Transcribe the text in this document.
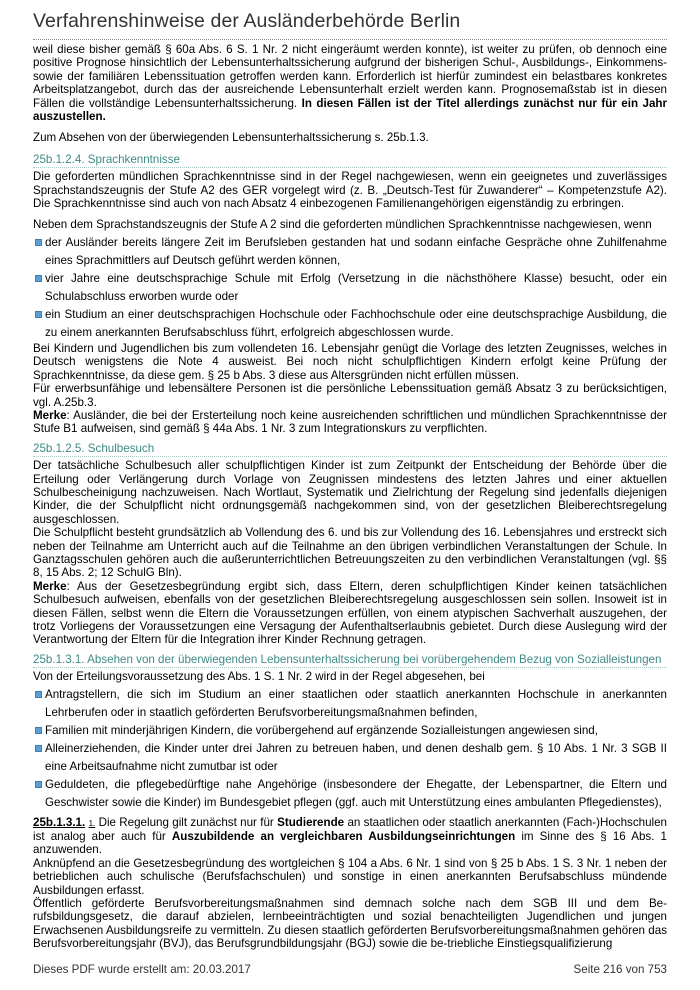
Verfahrenshinweise der Ausländerbehörde Berlin

weil diese bisher gemäß § 60a Abs. 6 S. 1 Nr. 2 nicht eingeräumt werden konnte), ist weiter zu prüfen, ob dennoch eine positive Prognose hinsichtlich der Lebensunterhaltssicherung aufgrund der bisherigen Schul-, Ausbildungs-, Einkommens-sowie der familiären Lebenssituation getroffen werden kann. Erforderlich ist hierfür zumindest ein belastbares konkretes Arbeitsplatzangebot, durch das der ausreichende Lebensunterhalt erzielt werden kann. Prognosemaßstab ist in diesen Fällen die vollständige Lebensunterhaltssicherung. In diesen Fällen ist der Titel allerdings zunächst nur für ein Jahr auszustellen.

Zum Absehen von der überwiegenden Lebensunterhaltssicherung s. 25b.1.3.

25b.1.2.4. Sprachkenntnisse

Die geforderten mündlichen Sprachkenntnisse sind in der Regel nachgewiesen, wenn ein geeignetes und zuverlässiges Sprachstandszeugnis der Stufe A2 des GER vorgelegt wird (z. B. „Deutsch-Test für Zuwanderer“ – Kompetenzstufe A2). Die Sprachkenntnisse sind auch von nach Absatz 4 einbezogenen Familienangehörigen eigenständig zu erbringen.

Neben dem Sprachstandszeugnis der Stufe A 2 sind die geforderten mündlichen Sprachkenntnisse nachgewiesen, wenn

der Ausländer bereits längere Zeit im Berufsleben gestanden hat und sodann einfache Gespräche ohne Zuhilfenahme eines Sprachmittlers auf Deutsch geführt werden können,
vier Jahre eine deutschsprachige Schule mit Erfolg (Versetzung in die nächsthöhere Klasse) besucht, oder ein Schulabschluss erworben wurde oder
ein Studium an einer deutschsprachigen Hochschule oder Fachhochschule oder eine deutschsprachige Ausbildung, die zu einem anerkannten Berufsabschluss führt, erfolgreich abgeschlossen wurde.

Bei Kindern und Jugendlichen bis zum vollendeten 16. Lebensjahr genügt die Vorlage des letzten Zeugnisses, welches in Deutsch wenigstens die Note 4 ausweist. Bei noch nicht schulpflichtigen Kindern erfolgt keine Prüfung der Sprachkenntnisse, da diese gem. § 25 b Abs. 3 diese aus Altersgründen nicht erfüllen müssen.

Für erwerbsunfähige und lebensältere Personen ist die persönliche Lebenssituation gemäß Absatz 3 zu berücksichtigen, vgl. A.25b.3.

Merke: Ausländer, die bei der Ersterteilung noch keine ausreichenden schriftlichen und mündlichen Sprachkenntnisse der Stufe B1 aufweisen, sind gemäß § 44a Abs. 1 Nr. 3 zum Integrationskurs zu verpflichten.

25b.1.2.5. Schulbesuch

Der tatsächliche Schulbesuch aller schulpflichtigen Kinder ist zum Zeitpunkt der Entscheidung der Behörde über die Erteilung oder Verlängerung durch Vorlage von Zeugnissen mindestens des letzten Jahres und einer aktuellen Schulbescheinigung nachzuweisen. Nach Wortlaut, Systematik und Zielrichtung der Regelung sind jedenfalls diejenigen Kinder, die der Schulpflicht nicht ordnungsgemäß nachgekommen sind, von der gesetzlichen Bleiberechtsregelung ausgeschlossen.

Die Schulpflicht besteht grundsätzlich ab Vollendung des 6. und bis zur Vollendung des 16. Lebensjahres und erstreckt sich neben der Teilnahme am Unterricht auch auf die Teilnahme an den übrigen verbindlichen Veranstaltungen der Schule. In Ganztagsschulen gehören auch die außerunterrichtlichen Betreuungszeiten zu den verbindlichen Veranstaltungen (vgl. §§ 8, 15 Abs. 2; 12 SchulG Bln).

Merke: Aus der Gesetzesbegründung ergibt sich, dass Eltern, deren schulpflichtigen Kinder keinen tatsächlichen Schulbesuch aufweisen, ebenfalls von der gesetzlichen Bleiberechtsregelung ausgeschlossen sein sollen. Insoweit ist in diesen Fällen, selbst wenn die Eltern die Voraussetzungen erfüllen, von einem atypischen Sachverhalt auszugehen, der trotz Vorliegens der Voraussetzungen eine Versagung der Aufenthaltserlaubnis gebietet. Durch diese Auslegung wird der Verantwortung der Eltern für die Integration ihrer Kinder Rechnung getragen.

25b.1.3.1. Absehen von der überwiegenden Lebensunterhaltssicherung bei vorübergehendem Bezug von Sozialleistungen

Von der Erteilungsvoraussetzung des Abs. 1 S. 1 Nr. 2 wird in der Regel abgesehen, bei

Antragstellern, die sich im Studium an einer staatlichen oder staatlich anerkannten Hochschule in anerkannten Lehrberufen oder in staatlich geförderten Berufsvorbereitungsmaßnahmen befinden,
Familien mit minderjährigen Kindern, die vorübergehend auf ergänzende Sozialleistungen angewiesen sind,
Alleinerziehenden, die Kinder unter drei Jahren zu betreuen haben, und denen deshalb gem. § 10 Abs. 1 Nr. 3 SGB II eine Arbeitsaufnahme nicht zumutbar ist oder
Geduldeten, die pflegebedürftige nahe Angehörige (insbesondere der Ehegatte, der Lebenspartner, die Eltern und Geschwister sowie die Kinder) im Bundesgebiet pflegen (ggf. auch mit Unterstützung eines ambulanten Pflegedienstes),

25b.1.3.1. 1. Die Regelung gilt zunächst nur für Studierende an staatlichen oder staatlich anerkannten (Fach-)Hochschulen ist analog aber auch für Auszubildende an vergleichbaren Ausbildungseinrichtungen im Sinne des § 16 Abs. 1 anzuwenden.

Anknüpfend an die Gesetzesbegründung des wortgleichen § 104 a Abs. 6 Nr. 1 sind von § 25 b Abs. 1 S. 3 Nr. 1 neben der betrieblichen auch schulische (Berufsfachschulen) und sonstige in einen anerkannten Berufsabschluss mündende Ausbildungen erfasst.

Öffentlich geförderte Berufsvorbereitungsmaßnahmen sind demnach solche nach dem SGB III und dem Be-rufsbildungsgesetz, die darauf abzielen, lernbeeinträchtigten und sozial benachteiligten Jugendlichen und jungen Erwachsenen Ausbildungsreife zu vermitteln. Zu diesen staatlich geförderten Berufsvorbereitungsmaßnahmen gehören das Berufsvorbereitungsjahr (BVJ), das Berufsgrundbildungsjahr (BGJ) sowie die be-triebliche Einstiegsqualifizierung

Dieses PDF wurde erstellt am: 20.03.2017	Seite 216 von 753
